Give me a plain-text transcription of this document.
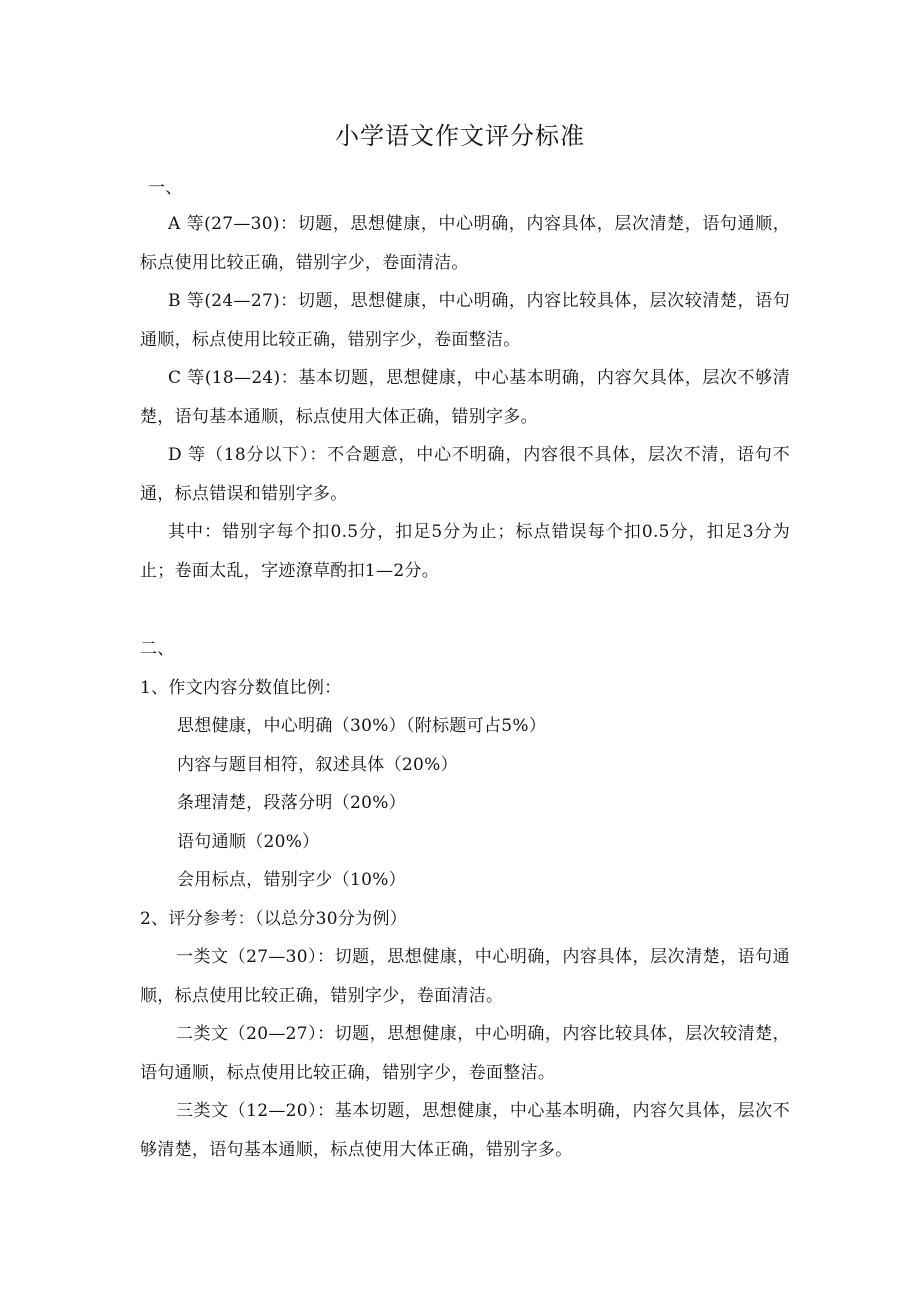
小学语文作文评分标准
一、
A 等(27—30)：切题，思想健康，中心明确，内容具体，层次清楚，语句通顺，标点使用比较正确，错别字少，卷面清洁。
B 等(24—27)：切题，思想健康，中心明确，内容比较具体，层次较清楚，语句通顺，标点使用比较正确，错别字少，卷面整洁。
C 等(18—24)：基本切题，思想健康，中心基本明确，内容欠具体，层次不够清楚，语句基本通顺，标点使用大体正确，错别字多。
D 等（18分以下）：不合题意，中心不明确，内容很不具体，层次不清，语句不通，标点错误和错别字多。
其中：错别字每个扣0.5分，扣足5分为止；标点错误每个扣0.5分，扣足3分为止；卷面太乱，字迹潦草酌扣1—2分。
二、
1、作文内容分数值比例：
思想健康，中心明确（30%）（附标题可占5%）
内容与题目相符，叙述具体（20%）
条理清楚，段落分明（20%）
语句通顺（20%）
会用标点，错别字少（10%）
2、评分参考：（以总分30分为例）
一类文（27—30）：切题，思想健康，中心明确，内容具体，层次清楚，语句通顺，标点使用比较正确，错别字少，卷面清洁。
二类文（20—27）：切题，思想健康，中心明确，内容比较具体，层次较清楚，语句通顺，标点使用比较正确，错别字少，卷面整洁。
三类文（12—20）：基本切题，思想健康，中心基本明确，内容欠具体，层次不够清楚，语句基本通顺，标点使用大体正确，错别字多。
